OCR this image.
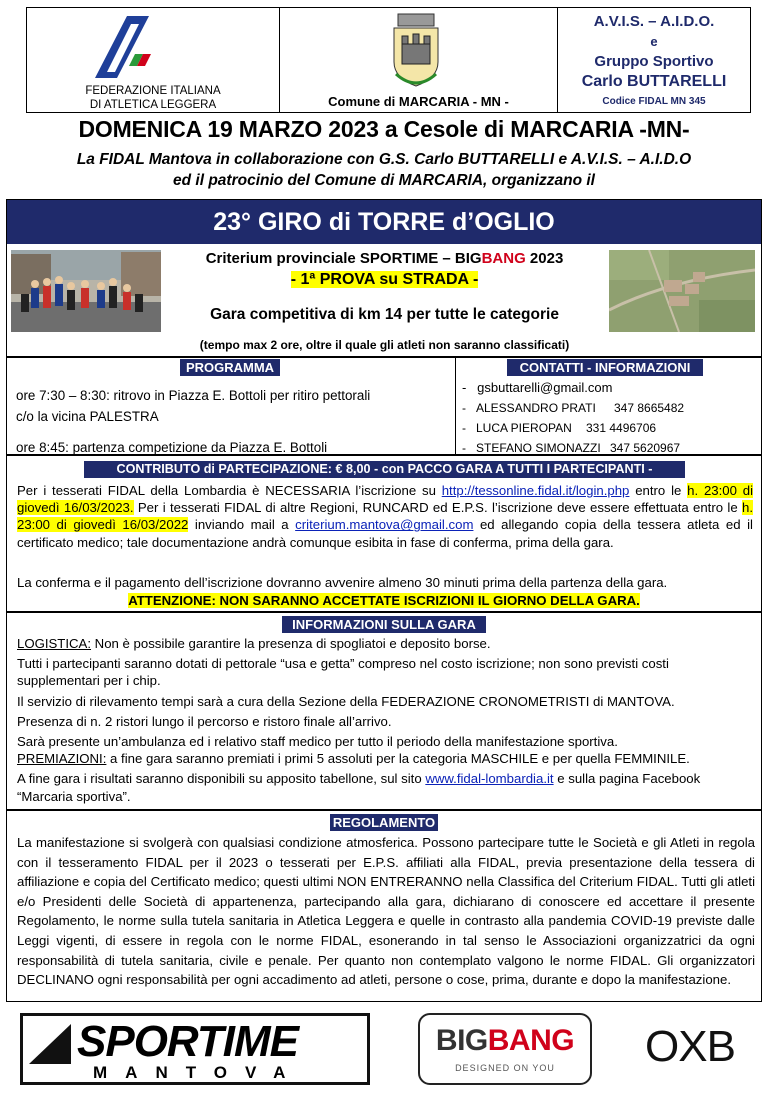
FEDERAZIONE ITALIANA
DI ATLETICA LEGGERA	Comune di MARCARIA - MN -
A.V.I.S. – A.I.D.O.
e
Gruppo Sportivo
Carlo BUTTARELLI
Codice FIDAL MN 345
DOMENICA 19 MARZO 2023 a Cesole di MARCARIA -MN-
La FIDAL Mantova in collaborazione con G.S. Carlo BUTTARELLI e A.V.I.S. – A.I.D.O
ed il patrocinio del Comune di MARCARIA, organizzano il
23° GIRO di TORRE d’OGLIO
Criterium provinciale SPORTIME – BIGBANG 2023
- 1ª PROVA su STRADA -
Gara competitiva di km 14 per tutte le categorie
(tempo max 2 ore, oltre il quale gli atleti non saranno classificati)
PROGRAMMA
ore 7:30 – 8:30: ritrovo in Piazza E. Bottoli per ritiro pettorali
c/o la vicina PALESTRA
ore 8:45: partenza competizione da Piazza E. Bottoli
CONTATTI - INFORMAZIONI
-   gsbuttarelli@gmail.com
-   ALESSANDRO PRATI 347 8665482
-   LUCA PIEROPAN 331 4496706
-   STEFANO SIMONAZZI 347 5620967
CONTRIBUTO di PARTECIPAZIONE: € 8,00 - con PACCO GARA A TUTTI I PARTECIPANTI -
Per i tesserati FIDAL della Lombardia è NECESSARIA l’iscrizione su http://tessonline.fidal.it/login.php entro le h. 23:00 di giovedì 16/03/2023. Per i tesserati FIDAL di altre Regioni, RUNCARD ed E.P.S. l’iscrizione deve essere effettuata entro le h. 23:00 di giovedì 16/03/2022 inviando mail a criterium.mantova@gmail.com ed allegando copia della tessera atleta ed il certificato medico; tale documentazione andrà comunque esibita in fase di conferma, prima della gara.
La conferma e il pagamento dell’iscrizione dovranno avvenire almeno 30 minuti prima della partenza della gara.
ATTENZIONE: NON SARANNO ACCETTATE ISCRIZIONI IL GIORNO DELLA GARA.
INFORMAZIONI SULLA GARA
LOGISTICA: Non è possibile garantire la presenza di spogliatoi e deposito borse.
Tutti i partecipanti saranno dotati di pettorale “usa e getta” compreso nel costo iscrizione; non sono previsti costi supplementari per i chip.
Il servizio di rilevamento tempi sarà a cura della Sezione della FEDERAZIONE CRONOMETRISTI di MANTOVA.
Presenza di n. 2 ristori lungo il percorso e ristoro finale all’arrivo.
Sarà presente un’ambulanza ed i relativo staff medico per tutto il periodo della manifestazione sportiva.
PREMIAZIONI: a fine gara saranno premiati i primi 5 assoluti per la categoria MASCHILE e per quella FEMMINILE.
A fine gara i risultati saranno disponibili su apposito tabellone, sul sito www.fidal-lombardia.it e sulla pagina Facebook “Marcaria sportiva”.
REGOLAMENTO
La manifestazione si svolgerà con qualsiasi condizione atmosferica. Possono partecipare tutte le Società e gli Atleti in regola con il tesseramento FIDAL per il 2023 o tesserati per E.P.S. affiliati alla FIDAL, previa presentazione della tessera di affiliazione e copia del Certificato medico; questi ultimi NON ENTRERANNO nella Classifica del Criterium FIDAL. Tutti gli atleti e/o Presidenti delle Società di appartenenza, partecipando alla gara, dichiarano di conoscere ed accettare il presente Regolamento, le norme sulla tutela sanitaria in Atletica Leggera e quelle in contrasto alla pandemia COVID-19 previste dalle Leggi vigenti, di essere in regola con le norme FIDAL, esonerando in tal senso le Associazioni organizzatrici da ogni responsabilità di tutela sanitaria, civile e penale. Per quanto non contemplato valgono le norme FIDAL. Gli organizzatori DECLINANO ogni responsabilità per ogni accadimento ad atleti, persone o cose, prima, durante e dopo la manifestazione.
SPORTIME
MANTOVA
BIGBANG
DESIGNED ON YOU	OXB
